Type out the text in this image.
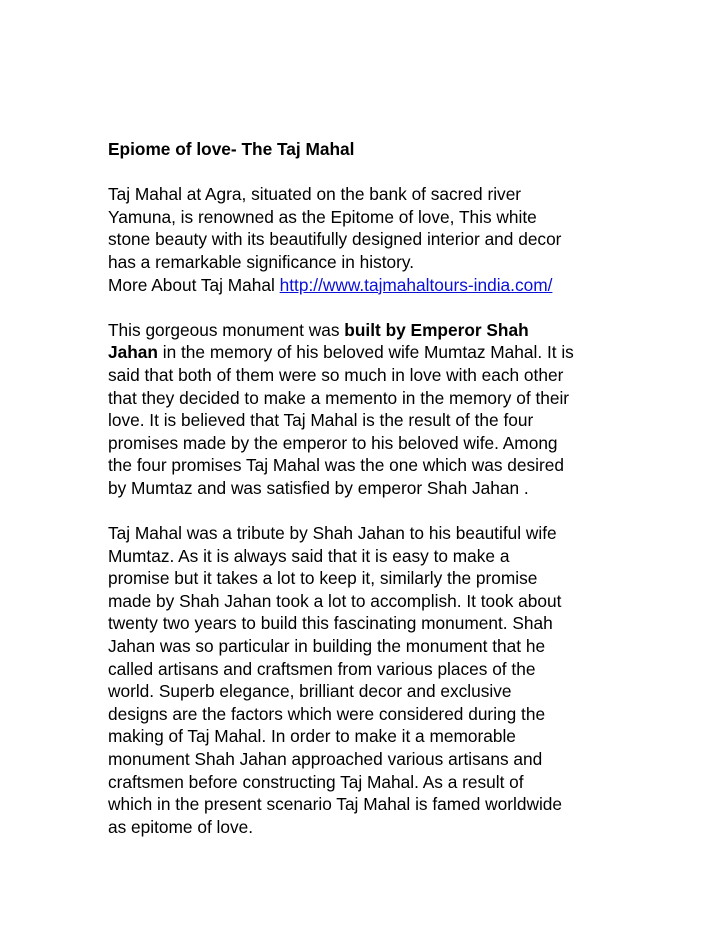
Epiome of love- The Taj Mahal
Taj Mahal at Agra, situated on the bank of sacred river
Yamuna, is renowned as the Epitome of love, This white
stone beauty with its beautifully designed interior and decor
has a remarkable significance in history.
More About Taj Mahal http://www.tajmahaltours-india.com/
This gorgeous monument was built by Emperor Shah
Jahan in the memory of his beloved wife Mumtaz Mahal. It is
said that both of them were so much in love with each other
that they decided to make a memento in the memory of their
love. It is believed that Taj Mahal is the result of the four
promises made by the emperor to his beloved wife. Among
the four promises Taj Mahal was the one which was desired
by Mumtaz and was satisfied by emperor Shah Jahan .
Taj Mahal was a tribute by Shah Jahan to his beautiful wife
Mumtaz. As it is always said that it is easy to make a
promise but it takes a lot to keep it, similarly the promise
made by Shah Jahan took a lot to accomplish. It took about
twenty two years to build this fascinating monument. Shah
Jahan was so particular in building the monument that he
called artisans and craftsmen from various places of the
world. Superb elegance, brilliant decor and exclusive
designs are the factors which were considered during the
making of Taj Mahal. In order to make it a memorable
monument Shah Jahan approached various artisans and
craftsmen before constructing Taj Mahal. As a result of
which in the present scenario Taj Mahal is famed worldwide
as epitome of love.
